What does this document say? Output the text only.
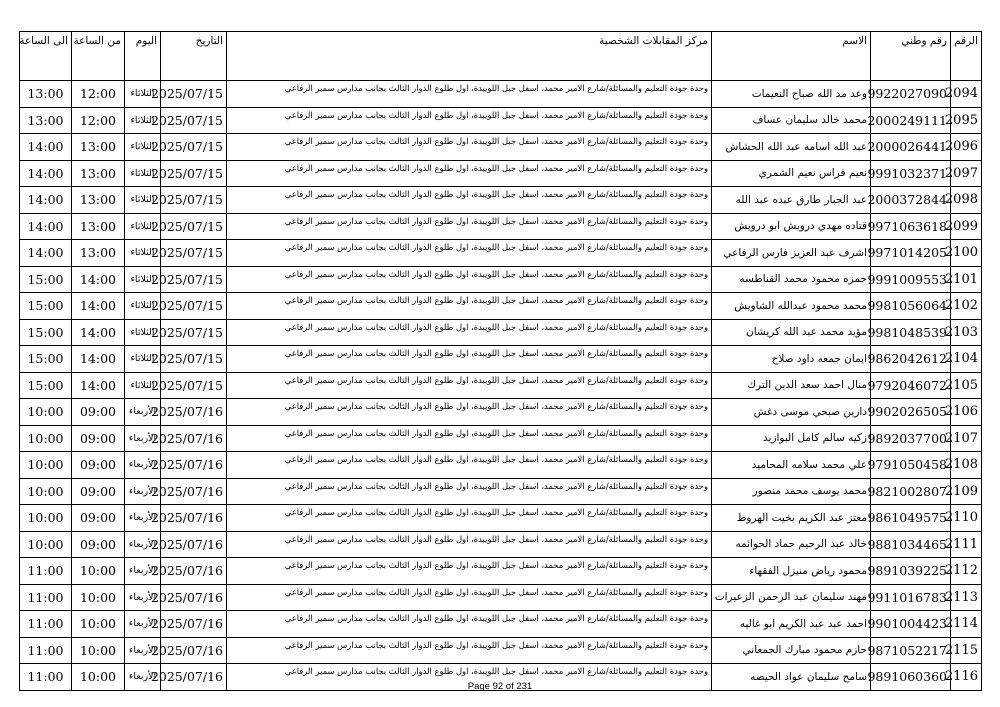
الرقم	رقم وطني	الاسم	مركز المقابلات الشخصية	التاريخ	اليوم	من الساعة	الى الساعة
2094	9922027090	وعد مد الله صباح النعيمات	وحدة جودة التعليم والمسائلة/شارع الامير محمد، اسفل جبل اللويبدة، اول طلوع الدوار الثالث بجانب مدارس سمير الرفاعي	2025/07/15	الثلاثاء	12:00	13:00
2095	2000249111	محمد خالد سليمان عساف	وحدة جودة التعليم والمسائلة/شارع الامير محمد، اسفل جبل اللويبدة، اول طلوع الدوار الثالث بجانب مدارس سمير الرفاعي	2025/07/15	الثلاثاء	12:00	13:00
2096	2000026441	عبد الله اسامه عبد الله الحشاش	وحدة جودة التعليم والمسائلة/شارع الامير محمد، اسفل جبل اللويبدة، اول طلوع الدوار الثالث بجانب مدارس سمير الرفاعي	2025/07/15	الثلاثاء	13:00	14:00
2097	9991032371	نعيم فراس نعيم الشمري	وحدة جودة التعليم والمسائلة/شارع الامير محمد، اسفل جبل اللويبدة، اول طلوع الدوار الثالث بجانب مدارس سمير الرفاعي	2025/07/15	الثلاثاء	13:00	14:00
2098	2000372844	عبد الجبار طارق عبده عبد الله	وحدة جودة التعليم والمسائلة/شارع الامير محمد، اسفل جبل اللويبدة، اول طلوع الدوار الثالث بجانب مدارس سمير الرفاعي	2025/07/15	الثلاثاء	13:00	14:00
2099	9971063618	قتاده مهدي درويش ابو درويش	وحدة جودة التعليم والمسائلة/شارع الامير محمد، اسفل جبل اللويبدة، اول طلوع الدوار الثالث بجانب مدارس سمير الرفاعي	2025/07/15	الثلاثاء	13:00	14:00
2100	9971014205	اشرف عبد العزيز فارس الرفاعي	وحدة جودة التعليم والمسائلة/شارع الامير محمد، اسفل جبل اللويبدة، اول طلوع الدوار الثالث بجانب مدارس سمير الرفاعي	2025/07/15	الثلاثاء	13:00	14:00
2101	9991009553	حمزه محمود محمد القناطسه	وحدة جودة التعليم والمسائلة/شارع الامير محمد، اسفل جبل اللويبدة، اول طلوع الدوار الثالث بجانب مدارس سمير الرفاعي	2025/07/15	الثلاثاء	14:00	15:00
2102	9981056064	محمد محمود عبدالله الشاويش	وحدة جودة التعليم والمسائلة/شارع الامير محمد، اسفل جبل اللويبدة، اول طلوع الدوار الثالث بجانب مدارس سمير الرفاعي	2025/07/15	الثلاثاء	14:00	15:00
2103	9981048539	مؤيد محمد عبد الله كريشان	وحدة جودة التعليم والمسائلة/شارع الامير محمد، اسفل جبل اللويبدة، اول طلوع الدوار الثالث بجانب مدارس سمير الرفاعي	2025/07/15	الثلاثاء	14:00	15:00
2104	9862042612	ايمان جمعه داود صلاح	وحدة جودة التعليم والمسائلة/شارع الامير محمد، اسفل جبل اللويبدة، اول طلوع الدوار الثالث بجانب مدارس سمير الرفاعي	2025/07/15	الثلاثاء	14:00	15:00
2105	9792046072	منال احمد سعد الدين الترك	وحدة جودة التعليم والمسائلة/شارع الامير محمد، اسفل جبل اللويبدة، اول طلوع الدوار الثالث بجانب مدارس سمير الرفاعي	2025/07/15	الثلاثاء	14:00	15:00
2106	9902026505	دارين صبحي موسى دغش	وحدة جودة التعليم والمسائلة/شارع الامير محمد، اسفل جبل اللويبدة، اول طلوع الدوار الثالث بجانب مدارس سمير الرفاعي	2025/07/16	الأربعاء	09:00	10:00
2107	9892037700	زكيه سالم كامل البوازيد	وحدة جودة التعليم والمسائلة/شارع الامير محمد، اسفل جبل اللويبدة، اول طلوع الدوار الثالث بجانب مدارس سمير الرفاعي	2025/07/16	الأربعاء	09:00	10:00
2108	9791050458	علي محمد سلامه المحاميد	وحدة جودة التعليم والمسائلة/شارع الامير محمد، اسفل جبل اللويبدة، اول طلوع الدوار الثالث بجانب مدارس سمير الرفاعي	2025/07/16	الأربعاء	09:00	10:00
2109	9821002807	محمد يوسف محمد منصور	وحدة جودة التعليم والمسائلة/شارع الامير محمد، اسفل جبل اللويبدة، اول طلوع الدوار الثالث بجانب مدارس سمير الرفاعي	2025/07/16	الأربعاء	09:00	10:00
2110	9861049575	معتز عبد الكريم بخيت الهروط	وحدة جودة التعليم والمسائلة/شارع الامير محمد، اسفل جبل اللويبدة، اول طلوع الدوار الثالث بجانب مدارس سمير الرفاعي	2025/07/16	الأربعاء	09:00	10:00
2111	9881034465	خالد عبد الرحيم حماد الحوائمه	وحدة جودة التعليم والمسائلة/شارع الامير محمد، اسفل جبل اللويبدة، اول طلوع الدوار الثالث بجانب مدارس سمير الرفاعي	2025/07/16	الأربعاء	09:00	10:00
2112	9891039225	محمود رياض منيزل الفقهاء	وحدة جودة التعليم والمسائلة/شارع الامير محمد، اسفل جبل اللويبدة، اول طلوع الدوار الثالث بجانب مدارس سمير الرفاعي	2025/07/16	الأربعاء	10:00	11:00
2113	9911016783	مهند سليمان عبد الرحمن الزعيرات	وحدة جودة التعليم والمسائلة/شارع الامير محمد، اسفل جبل اللويبدة، اول طلوع الدوار الثالث بجانب مدارس سمير الرفاعي	2025/07/16	الأربعاء	10:00	11:00
2114	9901004423	احمد عبد عبد الكريم ابو غاليه	وحدة جودة التعليم والمسائلة/شارع الامير محمد، اسفل جبل اللويبدة، اول طلوع الدوار الثالث بجانب مدارس سمير الرفاعي	2025/07/16	الأربعاء	10:00	11:00
2115	9871052217	حازم محمود مبارك الجمعاني	وحدة جودة التعليم والمسائلة/شارع الامير محمد، اسفل جبل اللويبدة، اول طلوع الدوار الثالث بجانب مدارس سمير الرفاعي	2025/07/16	الأربعاء	10:00	11:00
2116	9891060360	سامح سليمان عواد الحيصه	وحدة جودة التعليم والمسائلة/شارع الامير محمد، اسفل جبل اللويبدة، اول طلوع الدوار الثالث بجانب مدارس سمير الرفاعي	2025/07/16	الأربعاء	10:00	11:00
Page 92 of 231
